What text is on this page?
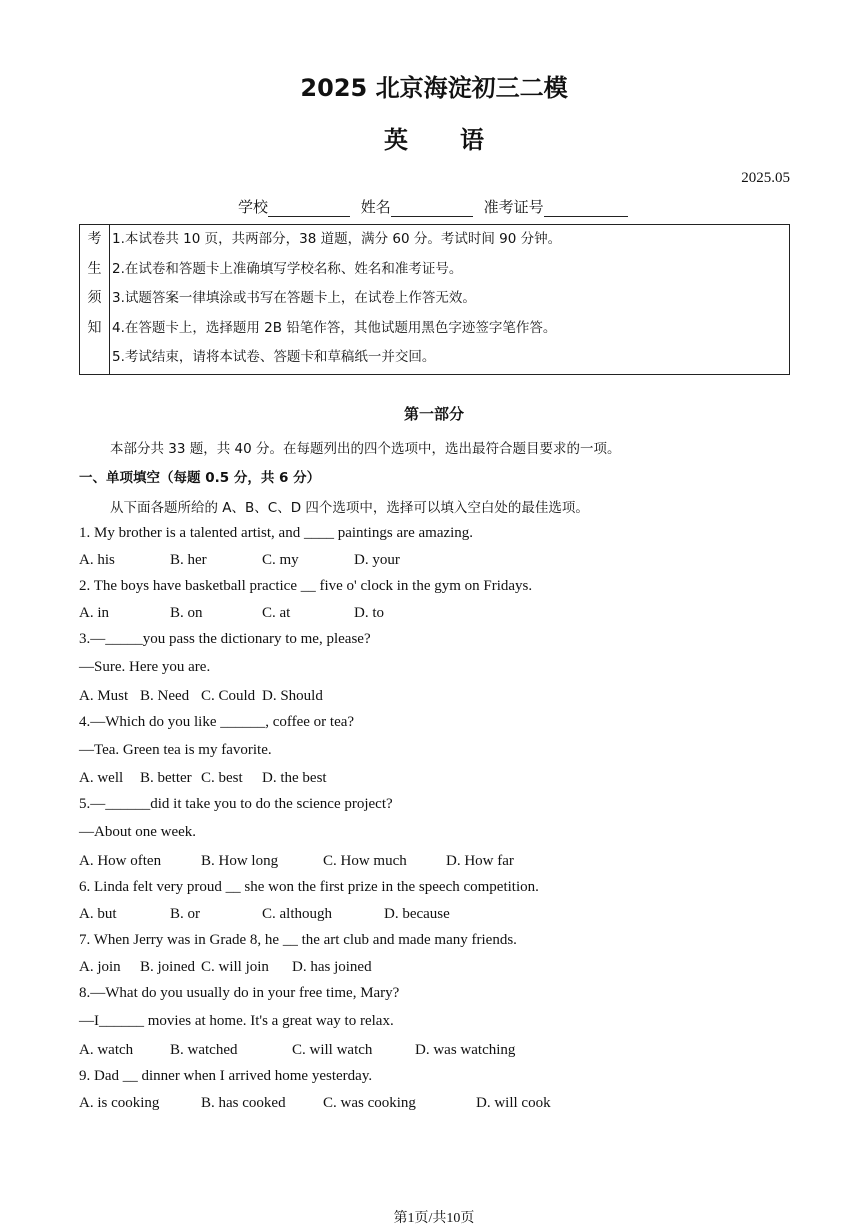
2025 北京海淀初三二模
英语
2025.05
学校	姓名	准考证号
考
生
须
知
1.本试卷共 10 页，共两部分，38 道题，满分 60 分。考试时间 90 分钟。
2.在试卷和答题卡上准确填写学校名称、姓名和准考证号。
3.试题答案一律填涂或书写在答题卡上，在试卷上作答无效。
4.在答题卡上，选择题用 2B 铅笔作答，其他试题用黑色字迹签字笔作答。
5.考试结束，请将本试卷、答题卡和草稿纸一并交回。
第一部分
本部分共 33 题，共 40 分。在每题列出的四个选项中，选出最符合题目要求的一项。
一、单项填空（每题 0.5 分，共 6 分）
从下面各题所给的 A、B、C、D 四个选项中，选择可以填入空白处的最佳选项。
1. My brother is a talented artist, and ____ paintings are amazing.
A. his	B. her	C. my	D. your
2. The boys have basketball practice __ five o' clock in the gym on Fridays.
A. in	B. on	C. at	D. to
3.—_____you pass the dictionary to me, please?
—Sure. Here you are.
A. Must B. Need C. Could D. Should
4.—Which do you like ______, coffee or tea?
—Tea. Green tea is my favorite.
A. well B. better C. best D. the best
5.—______did it take you to do the science project?
—About one week.
A. How often	B. How long	C. How much	D. How far
6. Linda felt very proud __ she won the first prize in the speech competition.
A. but	B. or	C. although	D. because
7. When Jerry was in Grade 8, he __ the art club and made many friends.
A. join B. joined C. will join D. has joined
8.—What do you usually do in your free time, Mary?
—I______ movies at home. It's a great way to relax.
A. watch B. watched	C. will watch	D. was watching
9. Dad __ dinner when I arrived home yesterday.
A. is cooking	B. has cooked C. was cooking	D. will cook
第1页/共10页
